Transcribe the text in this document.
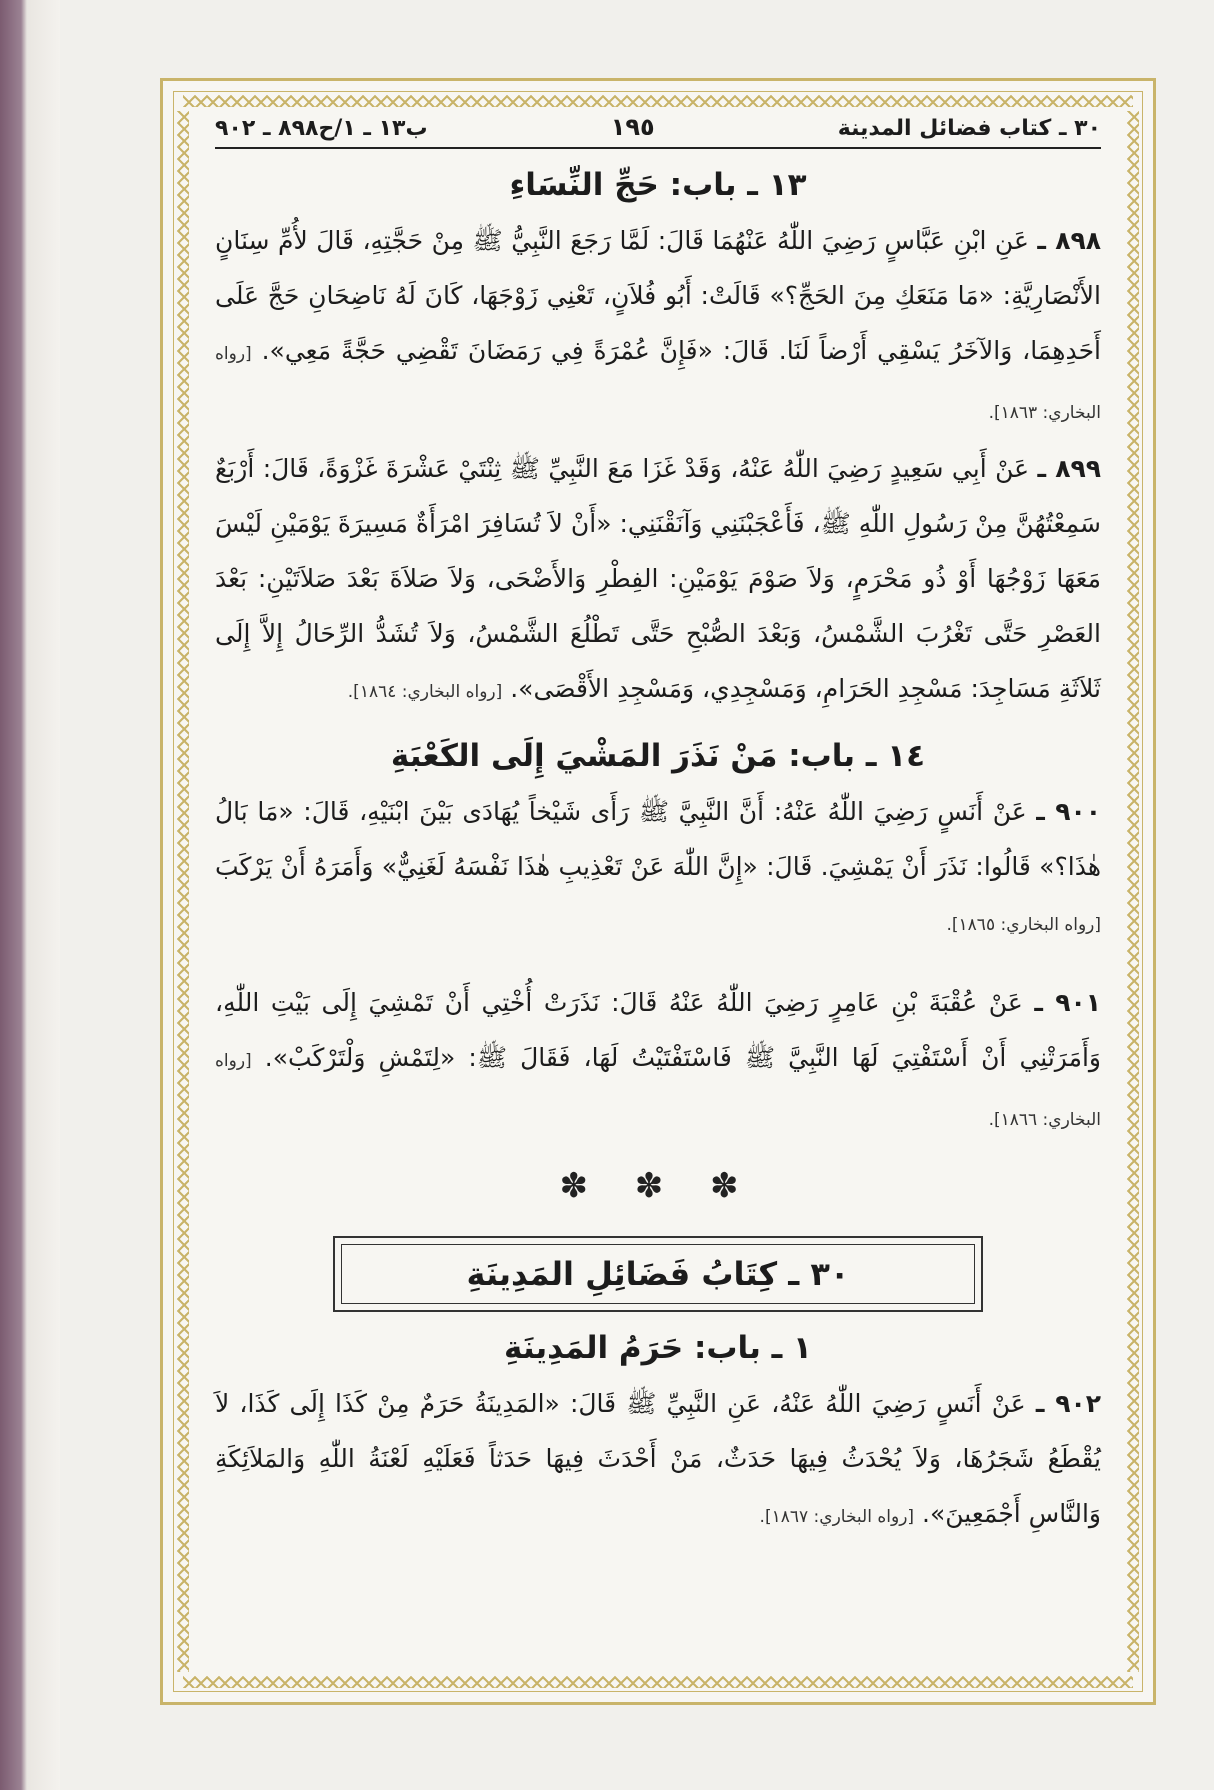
٣٠ ـ كتاب فضائل المدينة
١٩٥
ب١٣ ـ ١/ح٨٩٨ ـ ٩٠٢
١٣ ـ باب: حَجِّ النِّسَاءِ

٨٩٨ ـ عَنِ ابْنِ عَبَّاسٍ رَضِيَ اللّٰهُ عَنْهُمَا قَالَ: لَمَّا رَجَعَ النَّبِيُّ ﷺ مِنْ حَجَّتِهِ، قَالَ لأُمِّ سِنَانٍ الأَنْصَارِيَّةِ: «مَا مَنَعَكِ مِنَ الحَجِّ؟» قَالَتْ: أَبُو فُلاَنٍ، تَعْنِي زَوْجَهَا، كَانَ لَهُ نَاضِحَانِ حَجَّ عَلَى أَحَدِهِمَا، وَالآخَرُ يَسْقِي أَرْضاً لَنَا. قَالَ: «فَإِنَّ عُمْرَةً فِي رَمَضَانَ تَقْضِي حَجَّةً مَعِي». [رواه البخاري: ١٨٦٣].

٨٩٩ ـ عَنْ أَبِي سَعِيدٍ رَضِيَ اللّٰهُ عَنْهُ، وَقَدْ غَزَا مَعَ النَّبِيِّ ﷺ ثِنْتَيْ عَشْرَةَ غَزْوَةً، قَالَ: أَرْبَعٌ سَمِعْتُهُنَّ مِنْ رَسُولِ اللّٰهِ ﷺ، فَأَعْجَبْنَنِي وَآنَقْنَنِي: «أَنْ لاَ تُسَافِرَ امْرَأَةٌ مَسِيرَةَ يَوْمَيْنِ لَيْسَ مَعَهَا زَوْجُهَا أَوْ ذُو مَحْرَمٍ، وَلاَ صَوْمَ يَوْمَيْنِ: الفِطْرِ وَالأَضْحَى، وَلاَ صَلاَةَ بَعْدَ صَلاَتَيْنِ: بَعْدَ العَصْرِ حَتَّى تَغْرُبَ الشَّمْسُ، وَبَعْدَ الصُّبْحِ حَتَّى تَطْلُعَ الشَّمْسُ، وَلاَ تُشَدُّ الرِّحَالُ إِلاَّ إِلَى ثَلاَثَةِ مَسَاجِدَ: مَسْجِدِ الحَرَامِ، وَمَسْجِدِي، وَمَسْجِدِ الأَقْصَى». [رواه البخاري: ١٨٦٤].

١٤ ـ باب: مَنْ نَذَرَ المَشْيَ إِلَى الكَعْبَةِ

٩٠٠ ـ عَنْ أَنَسٍ رَضِيَ اللّٰهُ عَنْهُ: أَنَّ النَّبِيَّ ﷺ رَأَى شَيْخاً يُهَادَى بَيْنَ ابْنَيْهِ، قَالَ: «مَا بَالُ هٰذَا؟» قَالُوا: نَذَرَ أَنْ يَمْشِيَ. قَالَ: «إِنَّ اللّٰهَ عَنْ تَعْذِيبِ هٰذَا نَفْسَهُ لَغَنِيٌّ» وَأَمَرَهُ أَنْ يَرْكَبَ [رواه البخاري: ١٨٦٥].

٩٠١ ـ عَنْ عُقْبَةَ بْنِ عَامِرٍ رَضِيَ اللّٰهُ عَنْهُ قَالَ: نَذَرَتْ أُخْتِي أَنْ تَمْشِيَ إِلَى بَيْتِ اللّٰهِ، وَأَمَرَتْنِي أَنْ أَسْتَفْتِيَ لَهَا النَّبِيَّ ﷺ فَاسْتَفْتَيْتُ لَهَا، فَقَالَ ﷺ: «لِتَمْشِ وَلْتَرْكَبْ». [رواه البخاري: ١٨٦٦].

✽ ✽ ✽
٣٠ ـ كِتَابُ فَضَائِلِ المَدِينَةِ
١ ـ باب: حَرَمُ المَدِينَةِ

٩٠٢ ـ عَنْ أَنَسٍ رَضِيَ اللّٰهُ عَنْهُ، عَنِ النَّبِيِّ ﷺ قَالَ: «المَدِينَةُ حَرَمٌ مِنْ كَذَا إِلَى كَذَا، لاَ يُقْطَعُ شَجَرُهَا، وَلاَ يُحْدَثُ فِيهَا حَدَثٌ، مَنْ أَحْدَثَ فِيهَا حَدَثاً فَعَلَيْهِ لَعْنَةُ اللّٰهِ وَالمَلاَئِكَةِ وَالنَّاسِ أَجْمَعِينَ». [رواه البخاري: ١٨٦٧].
